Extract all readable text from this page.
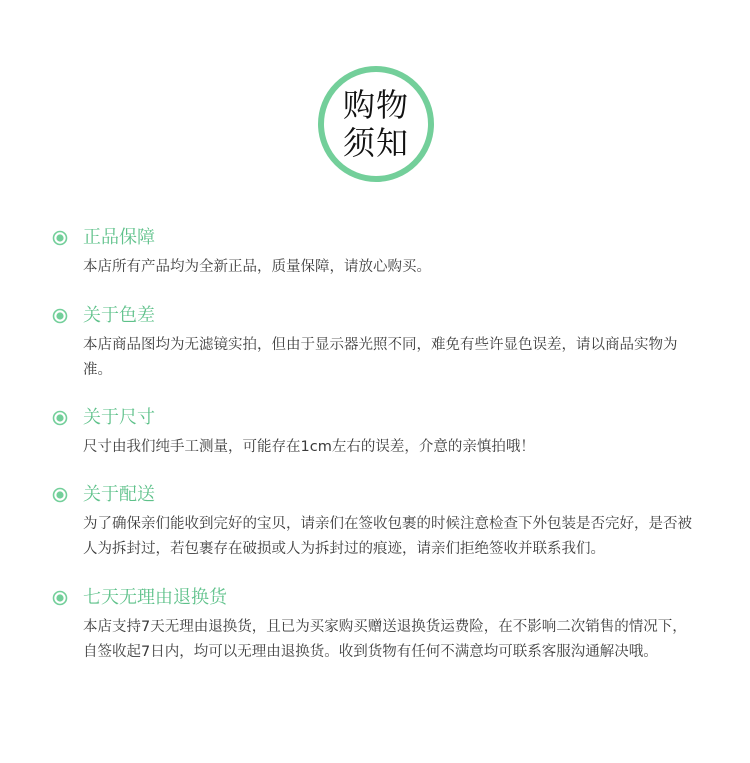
购物
须知
正品保障
本店所有产品均为全新正品，质量保障，请放心购买。
关于色差
本店商品图均为无滤镜实拍，但由于显示器光照不同，难免有些许显色误差，请以商品实物为准。
关于尺寸
尺寸由我们纯手工测量，可能存在1cm左右的误差，介意的亲慎拍哦！
关于配送
为了确保亲们能收到完好的宝贝，请亲们在签收包裹的时候注意检查下外包装是否完好，是否被人为拆封过，若包裹存在破损或人为拆封过的痕迹，请亲们拒绝签收并联系我们。
七天无理由退换货
本店支持7天无理由退换货，且已为买家购买赠送退换货运费险，在不影响二次销售的情况下，自签收起7日内，均可以无理由退换货。收到货物有任何不满意均可联系客服沟通解决哦。
